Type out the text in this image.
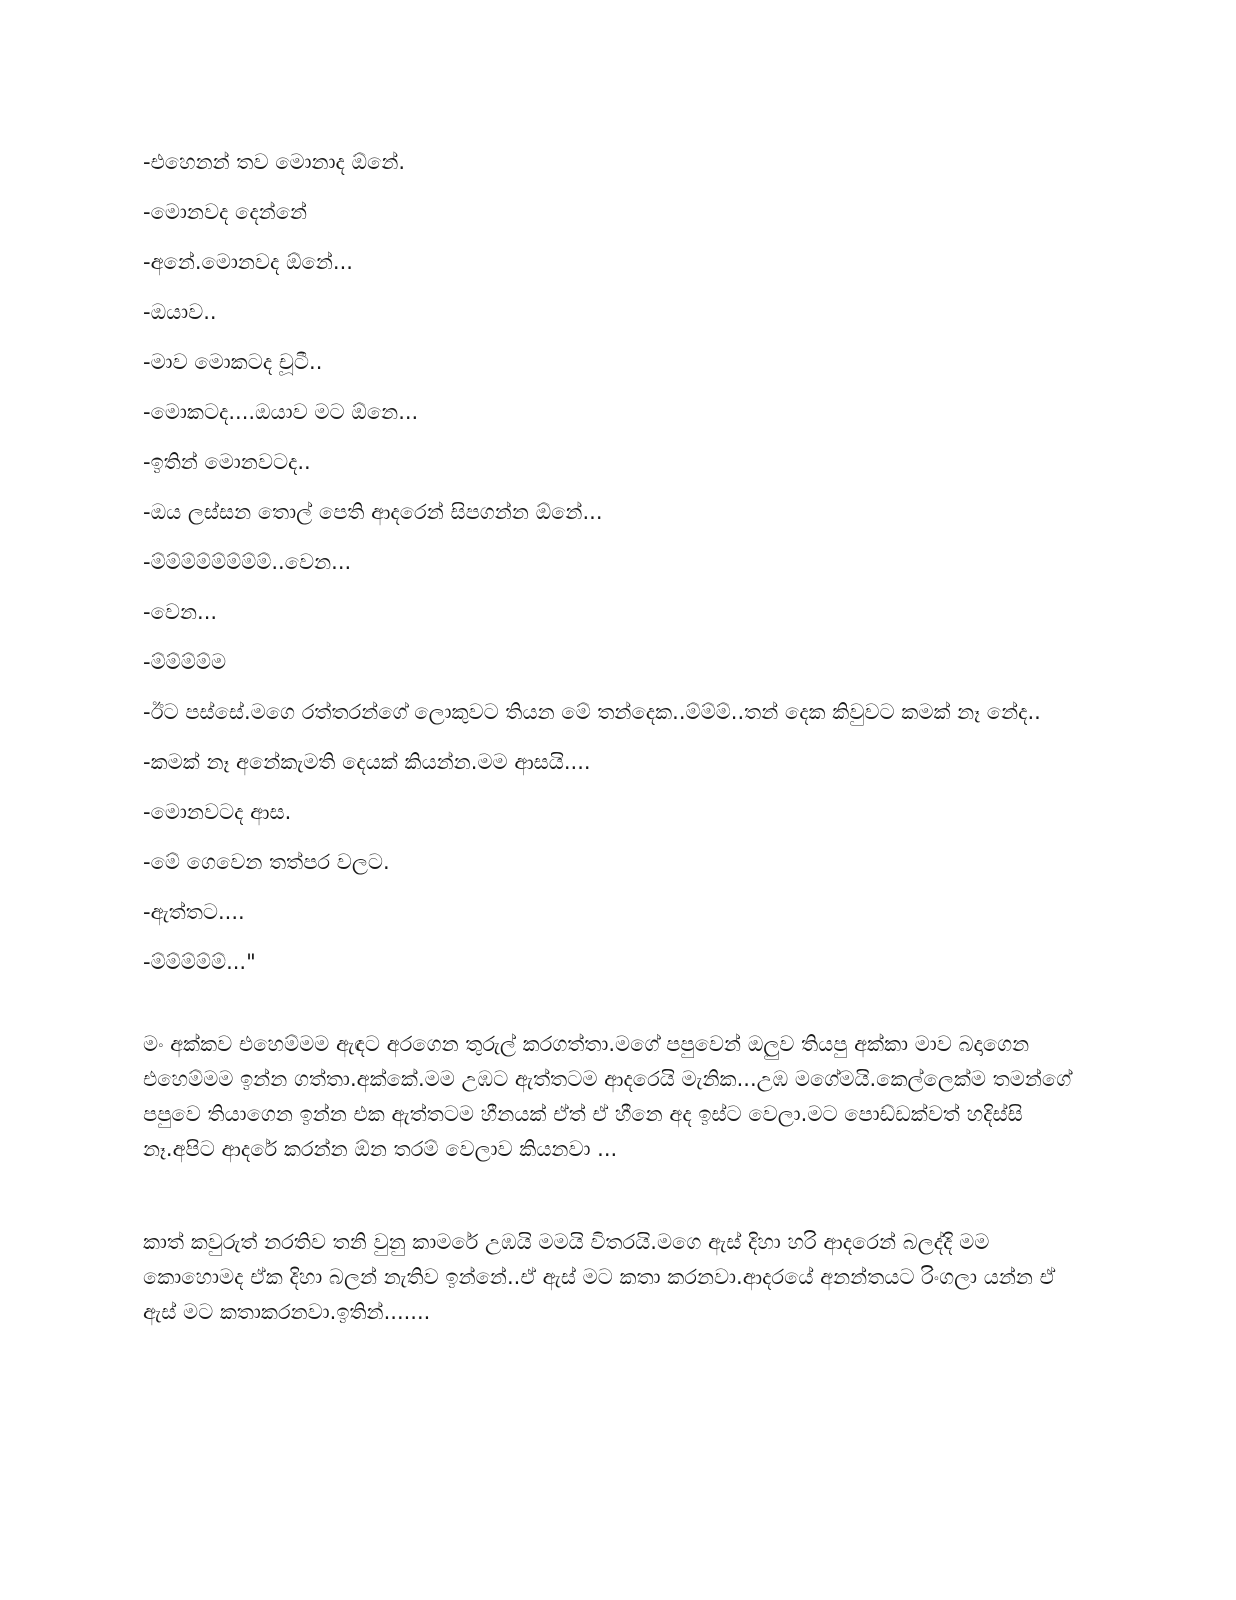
-එහෙනන් තව මොනාද ඕනේ.
-මොනවද දෙන්නේ
-අනේ.මොනවද ඕනේ...
-ඔයාව..
-මාව මොකටද චූටී..
-මොකටද....ඔයාව මට ඕනෙ...
-ඉතින් මොනවටද..
-ඔය ලස්සන තොල් පෙති ආදරෙන් සිපගන්න ඕනේ...
-ම්ම්ම්ම්ම්ම්ම්ම්..වෙන...
-වෙන...
-ම්ම්ම්ම්ම
-ඊට පස්සේ.මගෙ රත්තරන්ගේ ලොකුවට තියන මේ තන්දෙක..ම්ම්ම්..තන් දෙක කිවුවට කමක් නෑ නේද..
-කමක් නෑ අනේකැමති දෙයක් කියන්න.මම ආසයි....
-මොනවටද ආස.
-මේ ගෙවෙන තත්පර වලට.
-ඇත්තට....
-ම්ම්ම්ම්ම්..."

මං අක්කව එහෙම්මම ඇඳට අරගෙන තුරුල් කරගත්තා.මගේ පපුවෙන් ඔලුව තියපු අක්කා මාව බදාගෙන එහෙම්මම ඉන්න ගත්තා.අක්කේ.මම උඹට ඇත්තටම ආදරෙයි මැනික...උඹ මගේමයි.කෙල්ලෙක්ම තමන්ගේ පපුවෙ තියාගෙන ඉන්න එක ඇත්තටම හීනයක් ඒත් ඒ හීනෙ අද ඉස්ට වෙලා.මට පොඩ්ඩක්වත් හදිස්සි නෑ.අපිට ආදරේ කරන්න ඕන තරම් වෙලාව කියනවා ...

කාත් කවුරුත් නරතිව තනි වුනු කාමරේ උඹයි මමයි විතරයි.මගෙ ඇස් දිහා හරි ආදරෙන් බලද්දි මම කොහොමද ඒක දිහා බලන් නැතිව ඉන්නේ..ඒ ඇස් මට කතා කරනවා.ආදරයේ අනන්තයට රිංගලා යන්න ඒ ඇස් මට කතාකරනවා.ඉතින්.......
